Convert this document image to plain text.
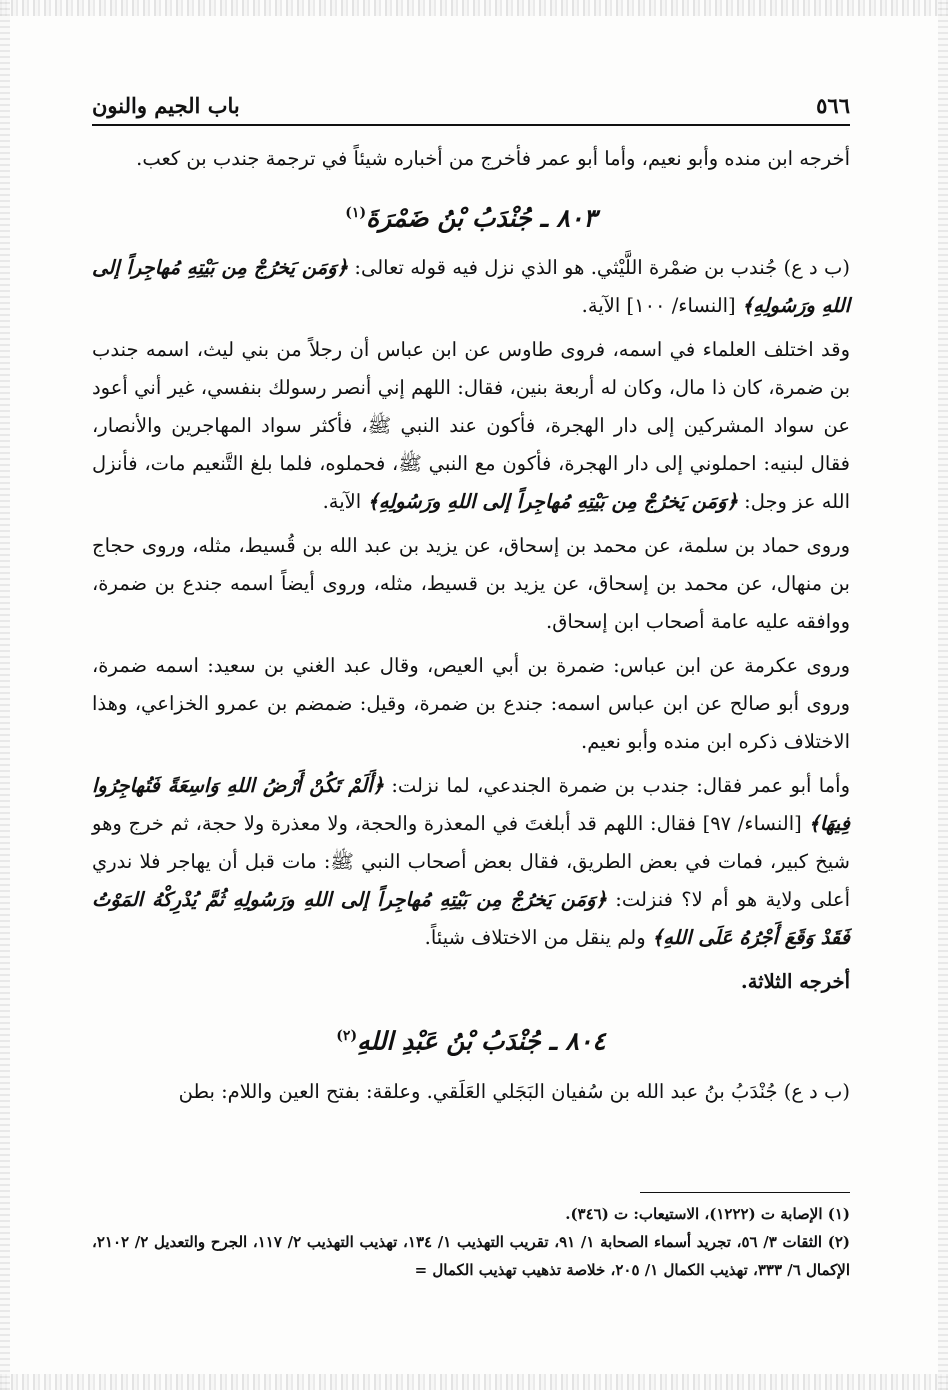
٥٦٦
باب الجيم والنون

أخرجه ابن منده وأبو نعيم، وأما أبو عمر فأخرج من أخباره شيئاً في ترجمة جندب بن كعب.

٨٠٣ ـ جُنْدَبُ بْنُ ضَمْرَةَ$^{(١)}$

(ب د ع) جُندب بن ضمْرة اللَّيْثي. هو الذي نزل فيه قوله تعالى: ﴿وَمَن يَخرُجْ مِن بَيْتِهِ مُهاجِراً إلى اللهِ ورَسُولِهِ﴾ [النساء/ ١٠٠] الآية.

وقد اختلف العلماء في اسمه، فروى طاوس عن ابن عباس أن رجلاً من بني ليث، اسمه جندب بن ضمرة، كان ذا مال، وكان له أربعة بنين، فقال: اللهم إني أنصر رسولك بنفسي، غير أني أعود عن سواد المشركين إلى دار الهجرة، فأكون عند النبي ﷺ، فأكثر سواد المهاجرين والأنصار، فقال لبنيه: احملوني إلى دار الهجرة، فأكون مع النبي ﷺ، فحملوه، فلما بلغ التَّنعيم مات، فأنزل الله عز وجل: ﴿وَمَن يَخرُجْ مِن بَيْتِهِ مُهاجِراً إلى اللهِ ورَسُولِهِ﴾ الآية.

وروى حماد بن سلمة، عن محمد بن إسحاق، عن يزيد بن عبد الله بن قُسيط، مثله، وروى حجاج بن منهال، عن محمد بن إسحاق، عن يزيد بن قسيط، مثله، وروى أيضاً اسمه جندع بن ضمرة، ووافقه عليه عامة أصحاب ابن إسحاق.

وروى عكرمة عن ابن عباس: ضمرة بن أبي العيص، وقال عبد الغني بن سعيد: اسمه ضمرة، وروى أبو صالح عن ابن عباس اسمه: جندع بن ضمرة، وقيل: ضمضم بن عمرو الخزاعي، وهذا الاختلاف ذكره ابن منده وأبو نعيم.

وأما أبو عمر فقال: جندب بن ضمرة الجندعي، لما نزلت: ﴿أَلَمْ تَكُنْ أَرْضُ اللهِ وَاسِعَةً فَتُهاجِرُوا فِيهَا﴾ [النساء/ ٩٧] فقال: اللهم قد أبلغتَ في المعذرة والحجة، ولا معذرة ولا حجة، ثم خرج وهو شيخ كبير، فمات في بعض الطريق، فقال بعض أصحاب النبي ﷺ: مات قبل أن يهاجر فلا ندري أعلى ولاية هو أم لا؟ فنزلت: ﴿وَمَن يَخرُجْ مِن بَيْتِهِ مُهاجِراً إلى اللهِ ورَسُولِهِ ثُمَّ يُدْرِكْهُ المَوْتُ فَقَدْ وَقَعَ أَجْرُهُ عَلَى اللهِ﴾ ولم ينقل من الاختلاف شيئاً.

أخرجه الثلاثة.

٨٠٤ ـ جُنْدَبُ بْنُ عَبْدِ اللهِ$^{(٢)}$

(ب د ع) جُنْدَبُ بنُ عبد الله بن سُفيان البَجَلي العَلَقي. وعلقة: بفتح العين واللام: بطن

(١) الإصابة ت (١٢٢٢)، الاستيعاب: ت (٣٤٦).

(٢) الثقات ٣/ ٥٦، تجريد أسماء الصحابة ١/ ٩١، تقريب التهذيب ١/ ١٣٤، تهذيب التهذيب ٢/ ١١٧، الجرح والتعديل ٢/ ٢١٠٢، الإكمال ٦/ ٣٣٣، تهذيب الكمال ١/ ٢٠٥، خلاصة تذهيب تهذيب الكمال =
